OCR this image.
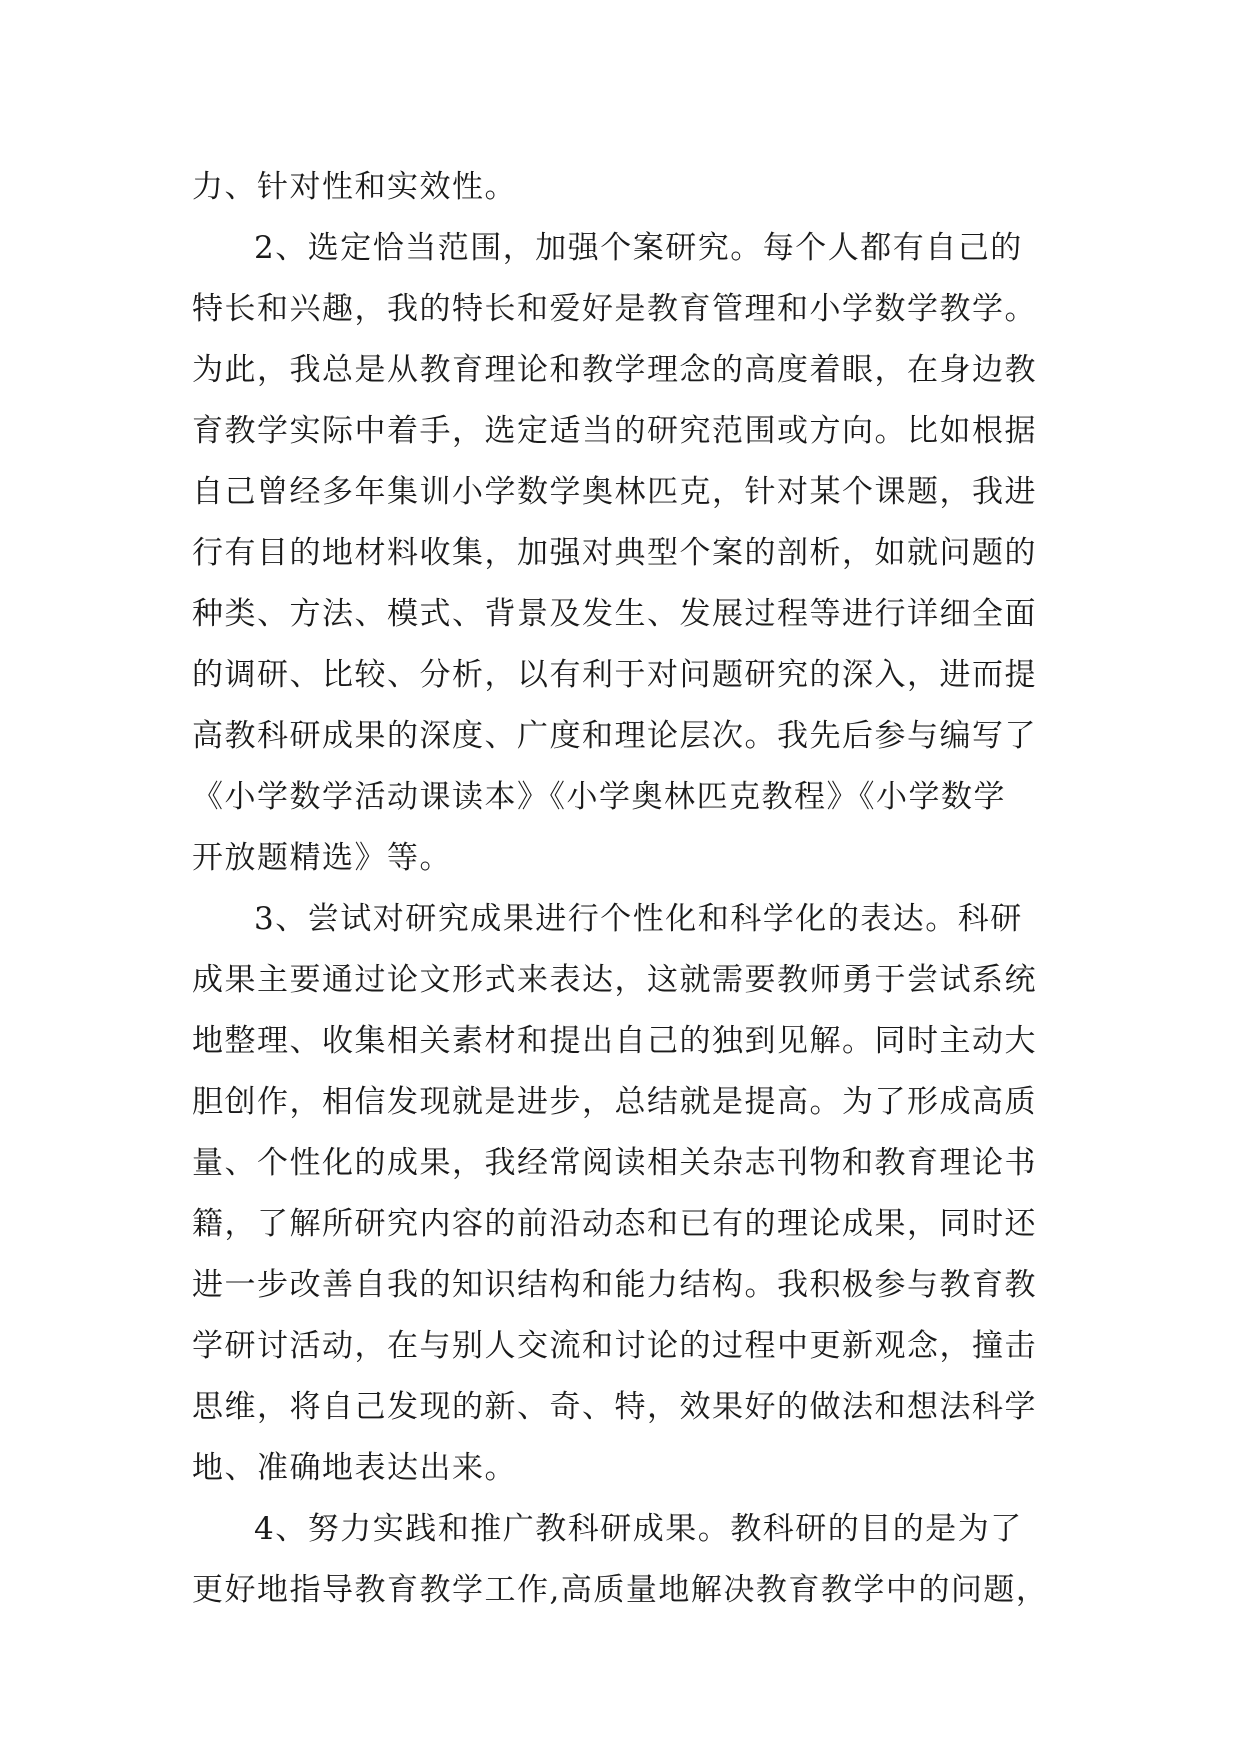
力、针对性和实效性。
2、选定恰当范围，加强个案研究。每个人都有自己的
特长和兴趣，我的特长和爱好是教育管理和小学数学教学。
为此，我总是从教育理论和教学理念的高度着眼，在身边教
育教学实际中着手，选定适当的研究范围或方向。比如根据
自己曾经多年集训小学数学奥林匹克，针对某个课题，我进
行有目的地材料收集，加强对典型个案的剖析，如就问题的
种类、方法、模式、背景及发生、发展过程等进行详细全面
的调研、比较、分析，以有利于对问题研究的深入，进而提
高教科研成果的深度、广度和理论层次。我先后参与编写了
《小学数学活动课读本》《小学奥林匹克教程》《小学数学
开放题精选》等。
3、尝试对研究成果进行个性化和科学化的表达。科研
成果主要通过论文形式来表达，这就需要教师勇于尝试系统
地整理、收集相关素材和提出自己的独到见解。同时主动大
胆创作，相信发现就是进步，总结就是提高。为了形成高质
量、个性化的成果，我经常阅读相关杂志刊物和教育理论书
籍，了解所研究内容的前沿动态和已有的理论成果，同时还
进一步改善自我的知识结构和能力结构。我积极参与教育教
学研讨活动，在与别人交流和讨论的过程中更新观念，撞击
思维，将自己发现的新、奇、特，效果好的做法和想法科学
地、准确地表达出来。
4、努力实践和推广教科研成果。教科研的目的是为了
更好地指导教育教学工作,高质量地解决教育教学中的问题，
